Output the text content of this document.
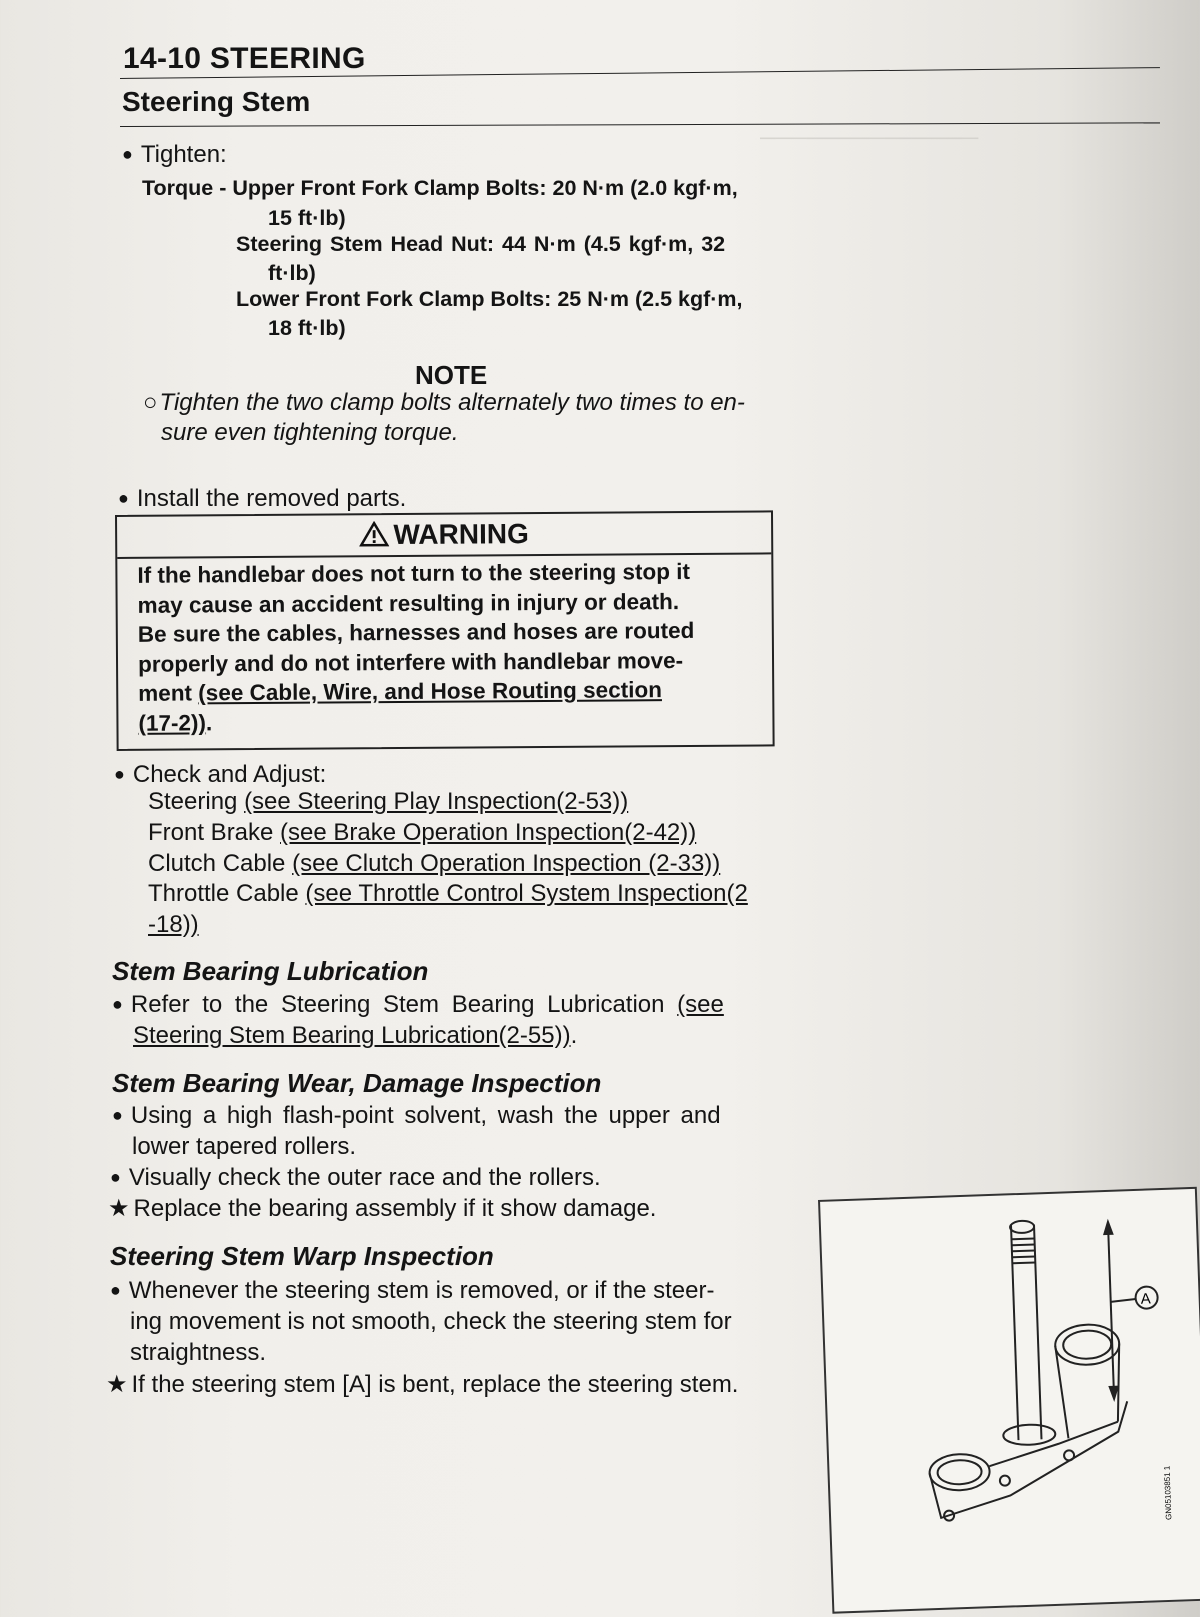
──────────────
14-10 STEERING
Steering Stem
● Tighten:
Torque - Upper Front Fork Clamp Bolts: 20 N·m (2.0 kgf·m,
15 ft·lb)
Steering Stem Head Nut: 44 N·m (4.5 kgf·m, 32
ft·lb)
Lower Front Fork Clamp Bolts: 25 N·m (2.5 kgf·m,
18 ft·lb)
NOTE
○Tighten the two clamp bolts alternately two times to en-
sure even tightening torque.
● Install the removed parts.
WARNING
If the handlebar does not turn to the steering stop it
may cause an accident resulting in injury or death.
Be sure the cables, harnesses and hoses are routed
properly and do not interfere with handlebar move-
ment (see Cable, Wire, and Hose Routing section
(17-2)).
● Check and Adjust:
Steering (see Steering Play Inspection(2-53))
Front Brake (see Brake Operation Inspection(2-42))
Clutch Cable (see Clutch Operation Inspection (2-33))
Throttle Cable (see Throttle Control System Inspection(2
-18))
Stem Bearing Lubrication
● Refer to the Steering Stem Bearing Lubrication (see
Steering Stem Bearing Lubrication(2-55)).
Stem Bearing Wear, Damage Inspection
● Using a high flash-point solvent, wash the upper and
lower tapered rollers.
● Visually check the outer race and the rollers.
★ Replace the bearing assembly if it show damage.
Steering Stem Warp Inspection
● Whenever the steering stem is removed, or if the steer-
ing movement is not smooth, check the steering stem for
straightness.
★ If the steering stem [A] is bent, replace the steering stem.
A
GN05103851 1
